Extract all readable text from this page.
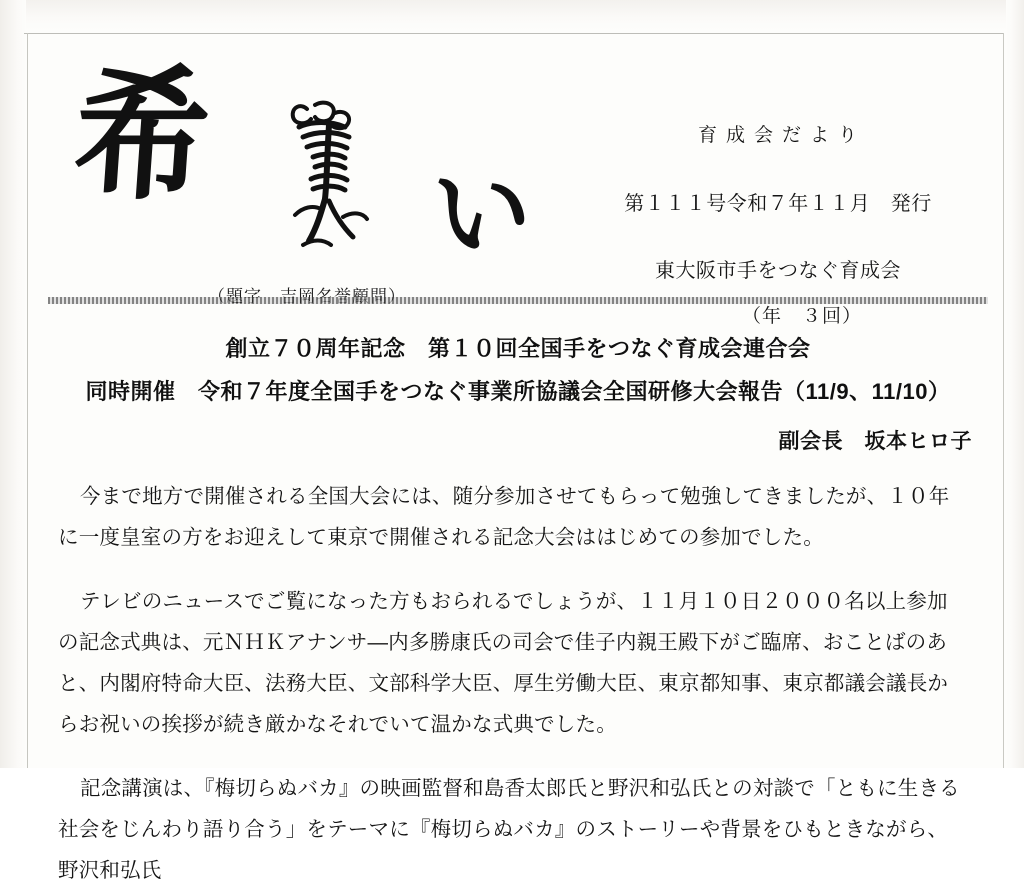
希	い
育成会だより
第１１１号令和７年１１月　発行
東大阪市手をつなぐ育成会
（年　３回）
創立７０周年記念　第１０回全国手をつなぐ育成会連合会
同時開催　令和７年度全国手をつなぐ事業所協議会全国研修大会報告（11/9、11/10）
副会長　坂本ヒロ子

今まで地方で開催される全国大会には、随分参加させてもらって勉強してきましたが、１０年に一度皇室の方をお迎えして東京で開催される記念大会ははじめての参加でした。

テレビのニュースでご覧になった方もおられるでしょうが、１１月１０日２０００名以上参加の記念式典は、元ＮＨＫアナンサ―内多勝康氏の司会で佳子内親王殿下がご臨席、おことばのあと、内閣府特命大臣、法務大臣、文部科学大臣、厚生労働大臣、東京都知事、東京都議会議長からお祝いの挨拶が続き厳かなそれでいて温かな式典でした。

記念講演は、『梅切らぬバカ』の映画監督和島香太郎氏と野沢和弘氏との対談で「ともに生きる社会をじんわり語り合う」をテーマに『梅切らぬバカ』のストーリーや背景をひもときながら、野沢和弘氏
